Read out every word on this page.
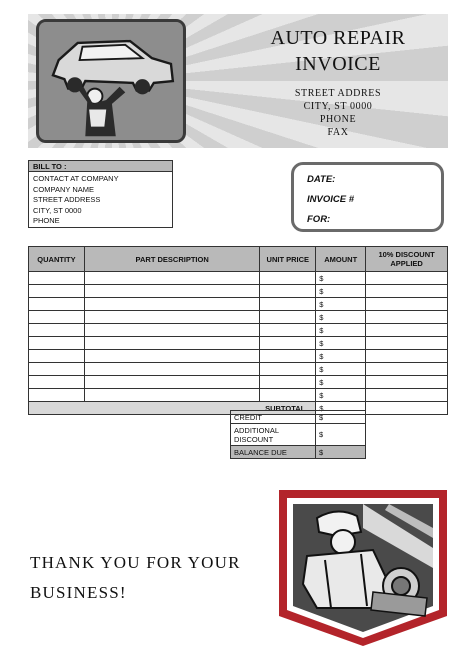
AUTO REPAIR
INVOICE
STREET ADDRES
CITY, ST 0000
PHONE
FAX
BILL TO :
CONTACT AT COMPANY
COMPANY NAME
STREET ADDRESS
CITY, ST 0000
PHONE
DATE:
INVOICE #
FOR:
QUANTITY	PART DESCRIPTION	UNIT PRICE	AMOUNT	10% DISCOUNT APPLIED
			$	
			$	
			$	
			$	
			$	
			$	
			$	
			$	
			$	
			$	
SUBTOTAL			$	
CREDIT	$
ADDITIONAL DISCOUNT	$
BALANCE DUE	$
THANK YOU FOR YOUR
BUSINESS!
